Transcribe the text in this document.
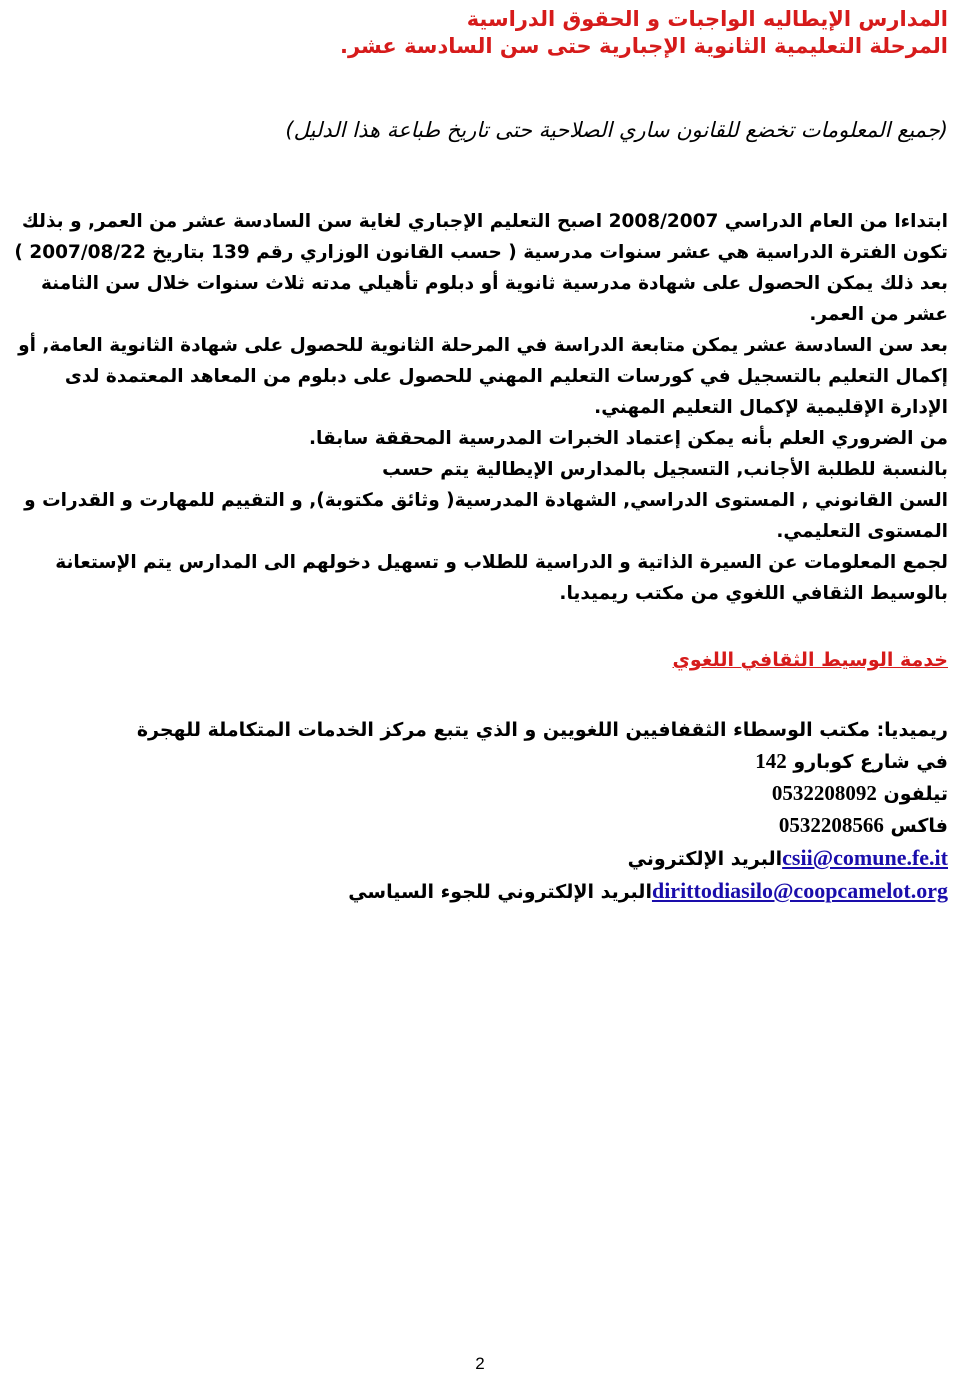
المدارس الإيطاليه الواجبات و الحقوق الدراسية

المرحلة التعليمية الثانوية الإجبارية حتى سن السادسة عشر.

(جميع المعلومات تخضع للقانون ساري الصلاحية حتى تاريخ طباعة هذا الدليل)

ابتداءا من العام الدراسي 2008/2007 اصبح التعليم الإجباري لغاية سن السادسة عشر من العمر, و بذلك تكون الفترة الدراسية هي عشر سنوات مدرسية ( حسب القانون الوزاري رقم 139 بتاريخ 2007/08/22 ) بعد ذلك يمكن الحصول على شهادة مدرسية ثانوية أو دبلوم تأهيلي مدته ثلاث سنوات خلال سن الثامنة عشر من العمر.

بعد سن السادسة عشر يمكن متابعة الدراسة في المرحلة الثانوية للحصول على شهادة الثانوية العامة, أو إكمال التعليم بالتسجيل في كورسات التعليم المهني للحصول على دبلوم من المعاهد المعتمدة لدى الإدارة الإقليمية لإكمال التعليم المهني.

من الضروري العلم بأنه يمكن إعتماد الخبرات المدرسية المحققة سابقا.

بالنسبة للطلبة الأجانب, التسجيل بالمدارس الإيطالية يتم حسب

السن القانوني , المستوى الدراسي, الشهادة المدرسية( وثائق مكتوبة), و التقييم للمهارت و القدرات و المستوى التعليمي.

لجمع المعلومات عن السيرة الذاتية و الدراسية للطلاب و تسهيل دخولهم الى المدارس يتم الإستعانة بالوسيط الثقافي اللغوي من مكتب ريميديا.

خدمة الوسيط الثقافي اللغوي

ريميديا: مكتب الوسطاء الثقفافيين اللغويين و الذي يتبع مركز الخدمات المتكاملة للهجرة

في شارع كوبارو 142

تيلفون 0532208092

فاكس 0532208566

csii@comune.fe.itالبريد الإلكتروني

dirittodiasilo@coopcamelot.orgالبريد الإلكتروني للجوء السياسي

2
